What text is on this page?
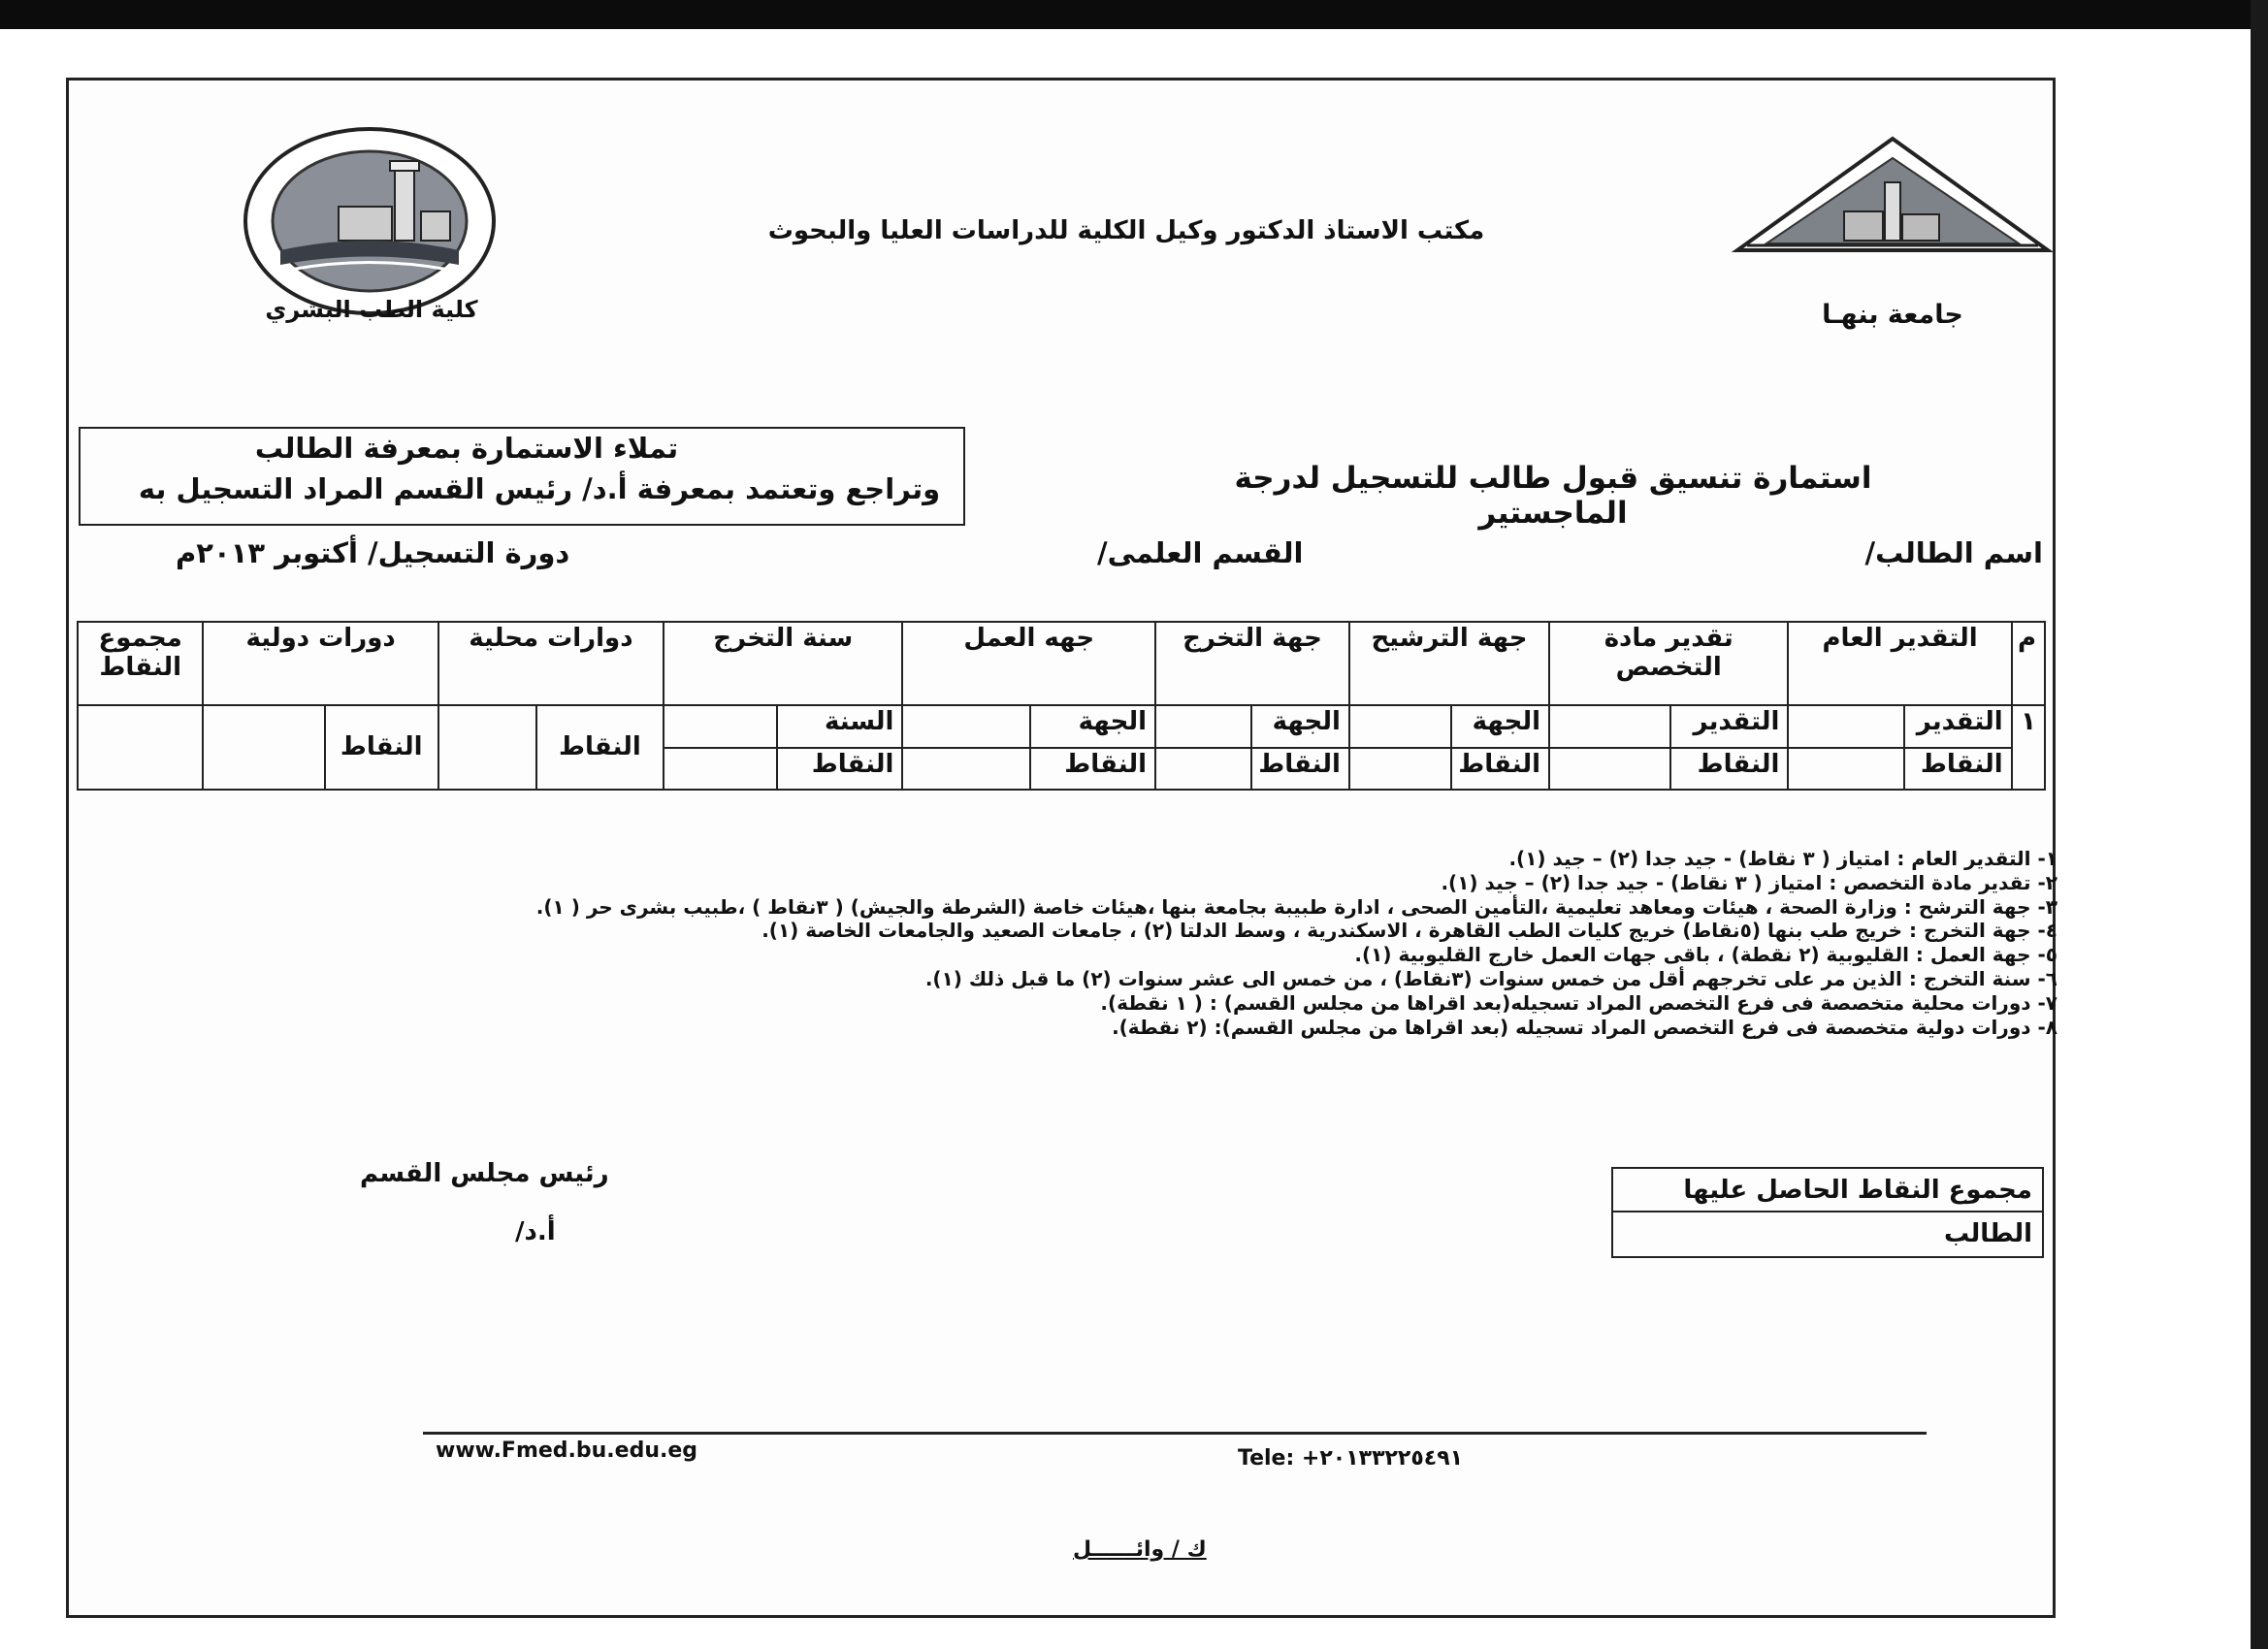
مكتب الاستاذ الدكتور وكيل الكلية للدراسات العليا والبحوث
جامعة بنهـا
كلية الطب البشري
تملاء الاستمارة بمعرفة الطالب
وتراجع وتعتمد بمعرفة أ.د/ رئيس القسم المراد التسجيل به	استمارة تنسيق قبول طالب للتسجيل لدرجة الماجستير
اسم الطالب/
القسم العلمى/
دورة التسجيل/ أكتوبر ٢٠١٣م
م	التقدير العام		تقدير مادة التخصص		جهة الترشيح		جهة التخرج		جهه العمل		سنة التخرج		دوارات محلية		دورات دولية		مجموع النقاط
١	التقدير		التقدير		الجهة		الجهة		الجهة		السنة		النقاط		النقاط		
	النقاط		النقاط		النقاط		النقاط		النقاط		النقاط						
١- التقدير العام : امتياز ( ٣ نقاط) - جيد جدا (٢) – جيد (١).
٢- تقدير مادة التخصص : امتياز ( ٣ نقاط) - جيد جدا (٢) – جيد (١).
٣- جهة الترشح : وزارة الصحة ، هيئات ومعاهد تعليمية ،التأمين الصحى ، ادارة طبيبة بجامعة بنها ،هيئات خاصة (الشرطة والجيش) ( ٣نقاط ) ،طبيب بشرى حر ( ١).
٤- جهة التخرج : خريج طب بنها (٥نقاط) خريج كليات الطب القاهرة ، الاسكندرية ، وسط الدلتا (٢) ، جامعات الصعيد والجامعات الخاصة (١).
٥- جهة العمل : القليوبية (٢ نقطة) ، باقى جهات العمل خارج القليوبية (١).
٦- سنة التخرج : الذين مر على تخرجهم أقل من خمس سنوات (٣نقاط) ، من خمس الى عشر سنوات (٢) ما قبل ذلك (١).
٧- دورات محلية متخصصة فى فرع التخصص المراد تسجيله(بعد اقراها من مجلس القسم) : ( ١ نقطة).
٨- دورات دولية متخصصة فى فرع التخصص المراد تسجيله (بعد اقراها من مجلس القسم): (٢ نقطة).
مجموع النقاط الحاصل عليها الطالب
رئيس مجلس القسم
أ.د/
www.Fmed.bu.edu.eg	Tele: +٢٠١٣٣٢٢٥٤٩١
ك / وائــــــل
